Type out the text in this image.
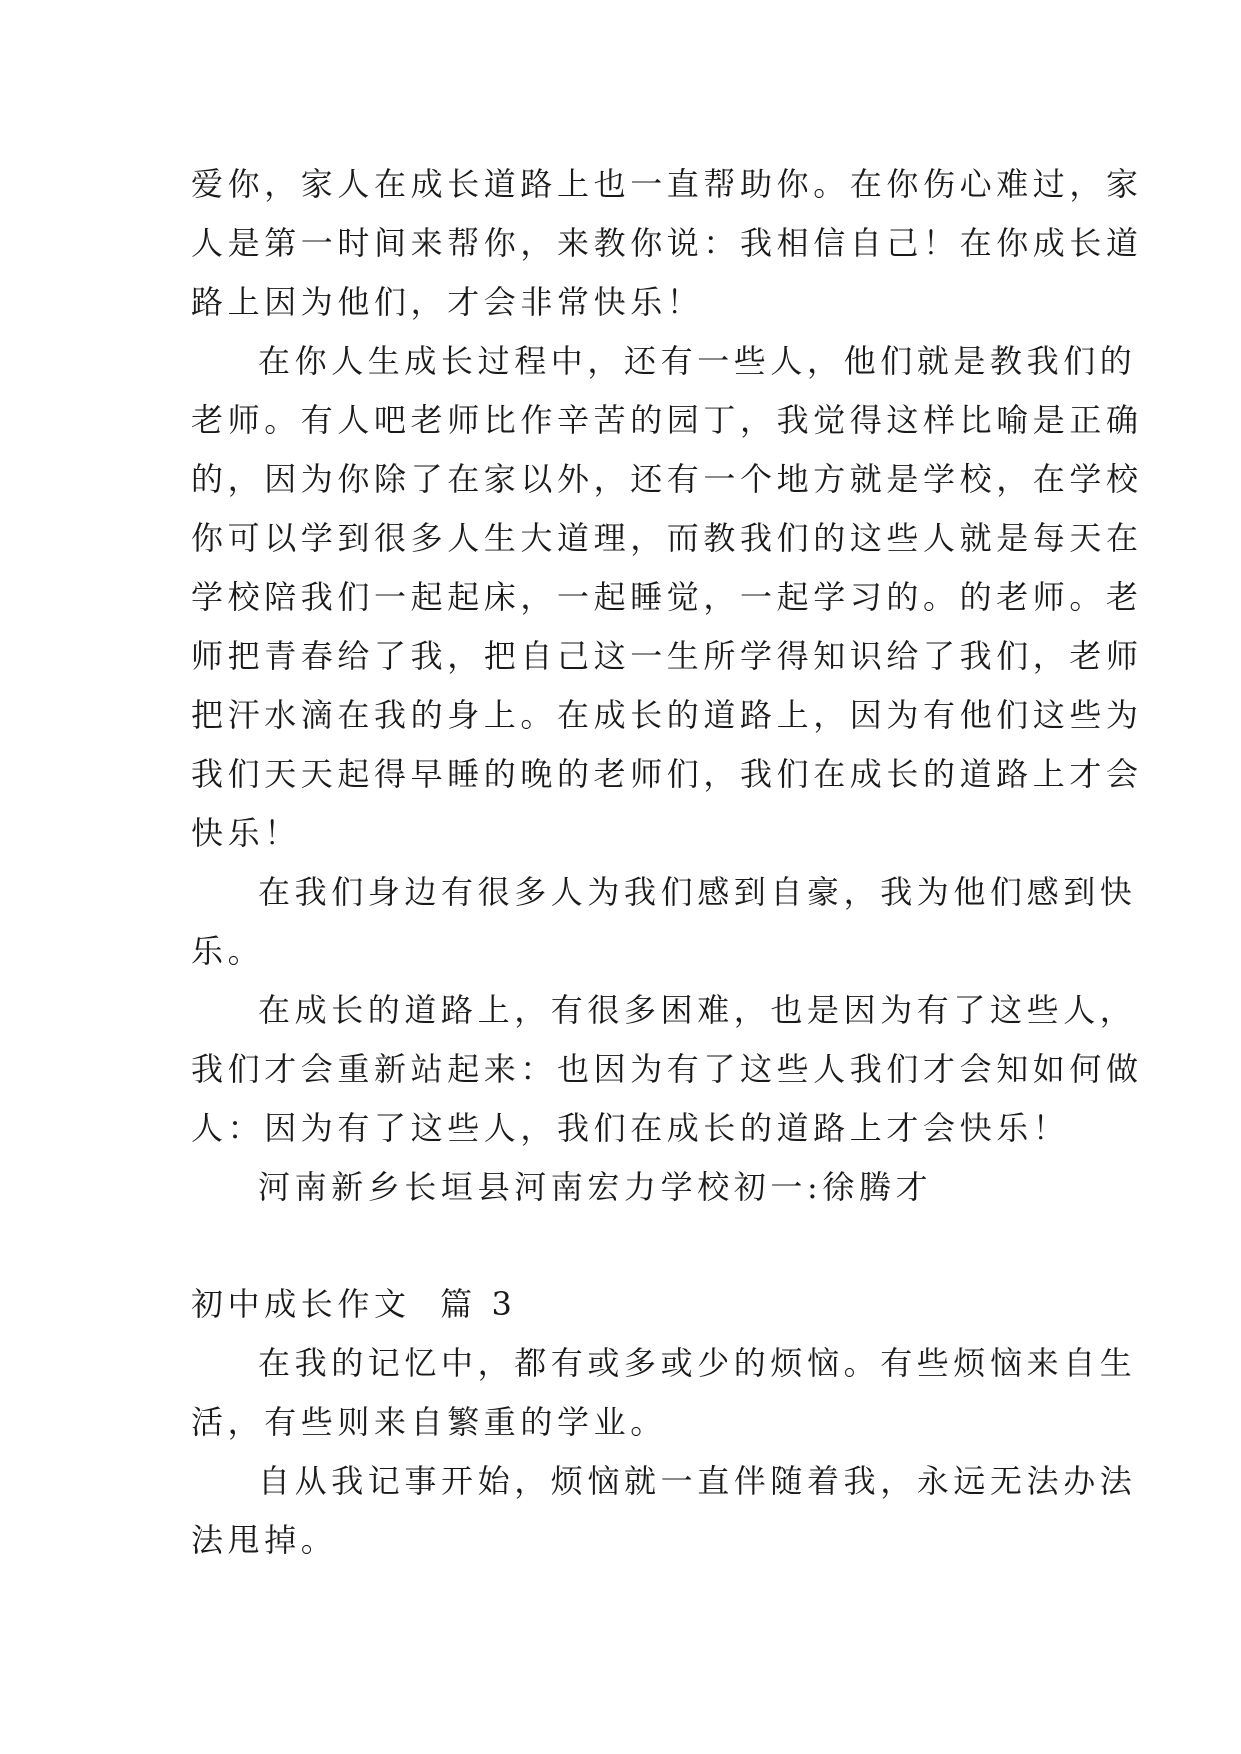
爱你，家人在成长道路上也一直帮助你。在你伤心难过，家
人是第一时间来帮你，来教你说：我相信自己！在你成长道
路上因为他们，才会非常快乐！
在你人生成长过程中，还有一些人，他们就是教我们的
老师。有人吧老师比作辛苦的园丁，我觉得这样比喻是正确
的，因为你除了在家以外，还有一个地方就是学校，在学校
你可以学到很多人生大道理，而教我们的这些人就是每天在
学校陪我们一起起床，一起睡觉，一起学习的。的老师。老
师把青春给了我，把自己这一生所学得知识给了我们，老师
把汗水滴在我的身上。在成长的道路上，因为有他们这些为
我们天天起得早睡的晚的老师们，我们在成长的道路上才会
快乐！
在我们身边有很多人为我们感到自豪，我为他们感到快
乐。
在成长的道路上，有很多困难，也是因为有了这些人，
我们才会重新站起来：也因为有了这些人我们才会知如何做
人：因为有了这些人，我们在成长的道路上才会快乐！
河南新乡长垣县河南宏力学校初一:徐腾才
初中成长作文  篇 3
在我的记忆中，都有或多或少的烦恼。有些烦恼来自生
活，有些则来自繁重的学业。
自从我记事开始，烦恼就一直伴随着我，永远无法办法
法甩掉。
